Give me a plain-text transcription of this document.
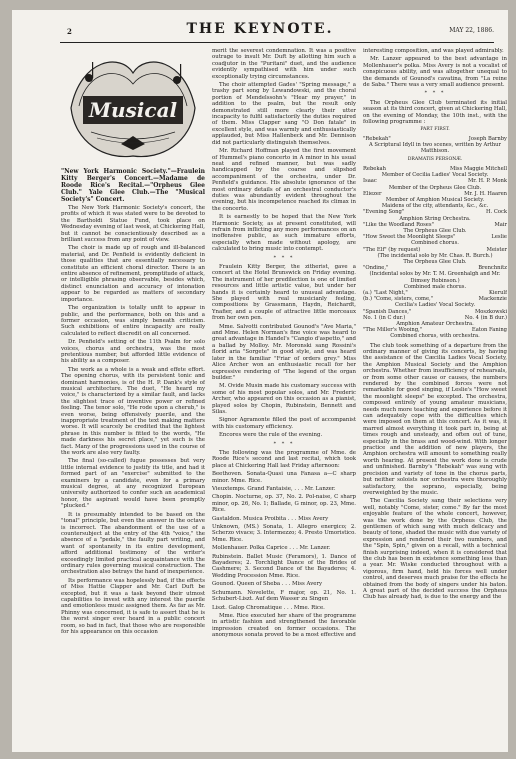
2	THE KEYNOTE.	MAY 22, 1886.
Musical

"New York Harmonic Society."—Fraulein Kitty Berger's Concert.—Madame de Roode Rice's Recital.—"Orpheus Glee Club." Yale Glee Club.—The "Musical Society's" Concert.

The New York Harmonic Society's concert, the profits of which it was stated were to be devoted to the Bartholdi Statue Fund, took place on Wednesday evening of last week, at Chickering Hall, but it cannot be conscientiously described as a brilliant success from any point of view.

The choir is made up of rough and ill-balanced material, and Dr. Penfield is evidently deficient in those qualities that are essentially necessary to constitute an efficient choral director. There is an entire absence of refinement, promptitude of attack, or intelligible phrasing observable, besides which, distinct enunciation and accuracy of intonation appear to be regarded as matters of secondary importance.

The organization is totally unfit to appear in public, and the performance, both on this and a former occasion, was simply beneath criticism. Such exhibitions of entire incapacity are really calculated to reflect discredit on all concerned.

Dr. Penfield's setting of the 11th Psalm for solo voices, chorus and orchestra, was the most pretentious number, but afforded little evidence of his ability as a composer.

The work as a whole is a weak and effete effort. The opening chorus, with its persistent tonic and dominant harmonies, is of the H. P. Dank's style of musical architecture. The duet, "He heard my voice," is characterized by a similar fault, and lacks the slightest trace of inventive power or refined feeling. The tenor solo, "He rode upon a cherub," is even worse, being offensively puerile, and the inappropriate treatment of the text making matters worse. It will scarcely be credited that the lightest phrase in this number is fitted to the words, "He made darkness his secret place," yet such is the fact. Many of the progressions used in the course of the work are also very faulty.

The final (so-called) fugue possesses but very little internal evidence to justify its title, and had it formed part of an "exercise" submitted to the examiners by a candidate, even for a primary musical degree, at any recognized European university authorized to confer such an academical honor, the aspirant would have been promptly "plucked."

It is presumably intended to be based on the "tonal" principle, but even the answer in the octave is incorrect. The abandonment of the use of a countersubject at the entry of the 4th "voice," the absence of a "pedale," the faulty part writing, and want of spontaneity in its entire development, afford additional testimony of the writer's exceedingly limited practical acquaintance with the ordinary rules governing musical construction. The orchestration also betrays the hand of inexperience.

Its performance was hopelessly bad, if the effects of Miss Hattie Clapper and Mr. Carl Duft be excepted, but it was a task beyond their utmost capabilities to invest with any interest the puerile and emotionless music assigned them. As far as Mr. Phinny was concerned, it is safe to assert that he is the worst singer ever heard in a public concert room, so bad in fact, that those who are responsible for his appearance on this occasion

merit the severest condemnation. It was a positive outrage to insult Mr. Duft by allotting him such a coadjutor in the "Puritani" duet, and the audience evidently sympathised with him under such exceptionally trying circumstances.

The choir attempted Gades' "Spring message," a trashy part song by Lewandowski, and the choral portion of Mendelssohn's "Hear my prayer," in addition to the psalm, but the result only demonstrated still more clearly their utter incapacity to fulfil satisfactorily the duties required of them. Miss Clapper sang "O Don fatale" in excellent style, and was warmly and enthusiastically applauded, but Miss Hallenbeck and Mr. Dennison did not particularly distinguish themselves.

Mr. Richard Hoffman played the first movement of Hummel's piano concerto in A minor in his usual neat and refined manner, but was sadly handicapped by the coarse and slipshod accompaniment of the orchestra, under Dr. Penfield's guidance. His absolute ignorance of the most ordinary details of an orchestral conductor's duties was abundantly evident throughout the evening, but his incompetence reached its climax in the concerto.

It is earnestly to be hoped that the New York Harmonic Society, as at present constituted, will refrain from inflicting any more performances on an inoffensive public, as such immature efforts, especially when made without apology, are calculated to bring music into contempt.

* * *

Fraulein Kitty Berger, the zitherist, gave a concert at the Hotel Brunswick on Friday evening. The instrument of her predilection is one of limited resources and little artistic value, but under her hands it is certainly heard to unusual advantage. She played with real musicianly feeling, compositions by Grassmann, Haydn, Reichardt, Ynafier, and a couple of attractive little morceaux from her own pen.

Mme. Salvotti contributed Gounod's "Ave Maria," and Mme. Helen Norman's fine voice was heard to great advantage in Handel's "Cangio d'aspetto," and a ballad by Molloy. Mr. Moronski sang Rossini's florid aria "Sorgete" in good style, and was heard later in the familiar "Friar of orders grey." Miss Alice Archer won an enthusiastic recall for her expressive rendering of "The legend of the organ builder."

M. Ovide Musin made his customary success with some of his most popular solos, and Mr. Frederic Archer, who appeared on this occasion as a pianist, played solos by Chopin, Rubinstein, Bennett and Silas.

Signor Agramonte filled the post of accompanist with his customary efficiency.

Encores were the rule of the evening.

* * *

The following was the programme of Mme. de Roode Rice's second and last recital, which took place at Chickering Hall last Friday afternoon:

Beethoven. Sonata-Quasi una Fanasa a—C sharp minor. Mme. Rice.

Vieuxtemps. Grand Fantaisie, . . . Mr. Lanzer.

Chopin. Nocturne, op. 37, No. 2. Pol-naise, C sharp minor, op. 26, No. 1; Ballade, G minor, op. 23, Mme. Rice.

Gastaldon. Musica Proibita . . . Miss Avery

Unknown, (MS.) Sonata, 1. Allegro energico; 2. Scherzo vivace; 3. Intermezzo; 4. Presto Umoristico. Mme. Rice.

Mollenhauer. Polka Caprice . . . Mr. Lanzer.

Rubinstein. Ballet Music (Feramors), 1. Dance of Bayaderes; 2. Torchlight Dance of the Brides of Cashmere; 3. Second Dance of the Bayaderes; 4. Wedding Procession Mme. Rice.

Gounod. Queen of Sheba . . . Miss Avery

Schumann. Novelette, F major, op. 21, No. 1. Schubert-Liszt. Auf dem Wasser zu Singen

Liszt. Galop Chromatique . . . Mme. Rice.

Mme. Rice executed her share of the programme in artistic fashion and strengthened the favorable impression created on former occasions. The anonymous sonata proved to be a most effective and

interesting composition, and was played admirably.

Mr. Lanzer appeared to the best advantage in Mollenhauer's polka. Miss Avery is not a vocalist of conspicuous ability, and was altogether unequal to the demands of Gounod's cavatina, from "La reine de Saba." There was a very small audience present.

* * *

The Orpheus Glee Club terminated its initial season at its third concert, given at Chickering Hall, on the evening of Monday, the 10th inst., with the following programme :

PART FIRST.

"Rebekah"	Joseph Barnby
A Scriptural Idyll in two scenes, written by Arthur Matthison.

DRAMATIS PERSONÆ.

Rebekah	Miss Maggie Mitchell
Member of Cecilia Ladies' Vocal Society.
Isaac	Mr. H. P. Monk
Member of the Orpheus Glee Club.
Eliezer	Mr. J. H. Haaren
Member of Amphion Musical Society.
Maidens of the city, attendants, &c., &c.
"Evening Song"	H. Cock
Amphion String Orchestra.
"Like the Woodland Roses"	Mair
The Orpheus Glee Club.
"How Sweet the Moonlight Sleeps"	Leslie
Combined chorus.
"The Elf" (by request)	Meister
(The incidental solo by Mr. Chas. R. Burch.)
The Orpheus Glee Club.
"Ondine,"	Brenchnitz
(Incidental solos by Mr. T. M. Greenhalgh and Mr. Dimsey Robinson.)
Combined male chorus.
(a.) "Last Night,"	Kierulf
(b.) "Come, sisters, come,"	Mackenzie
Cecilia's Ladies' Vocal Society.
"Spanish Dances,"	Moszkowski
No. 1 (in C dur.)	No. 4 (in B dur.)
Amphion Amateur Orchestra.
"The Miller's Wooing,"	Eaton Faning
Combined chorus, with orchestra.

The club took something of a departure from the ordinary manner of giving its concerts, by having the assistance of the Cæcilia Ladies Vocal Society, the Amphion Musical Society and the Amphion orchestra. Whether from insufficiency of rehearsals, or from some other cause or causes, the numbers rendered by the combined forces were not remarkable for good singing, if Leslie's "How sweet the moonlight sleeps" be excepted. The orchestra, composed entirely of young amateur musicians, needs much more teaching and experience before it can adequately cope with the difficulties which were imposed on them at this concert. As it was, it marred almost everything it took part in, being at times rough and unsteady, and often out of tune, especially in the brass and wood-wind. With longer practice and the addition of new players, the Amphion orchestra will amount to something really worth hearing. At present the work done is crude and unfinished. Barnby's "Rebekah" was sung with precision and variety of tone in the chorus parts, but neither soloists nor orchestra were thoroughly satisfactory, the soprano, especially, being overweighted by the music.

The Cæcilia Society sang their selections very well, notably "Come, sister, come." By far the most enjoyable feature of the whole concert, however, was the work done by the Orpheus Club, the gentlemen of which sang with much delicacy and beauty of tone, shaded the music with due variety of expression and rendered their two numbers, and the "Spin, Spin," given on a recall, with a technical finish surprising indeed, when it is considered that the club has been in existence something less than a year. Mr. Wiske conducted throughout with a vigorous, firm hand, held his forces well under control, and deserves much praise for the effects he obtained from the body of singers under his baton. A great part of the decided success the Orpheus Club has already had, is due to the energy and the
